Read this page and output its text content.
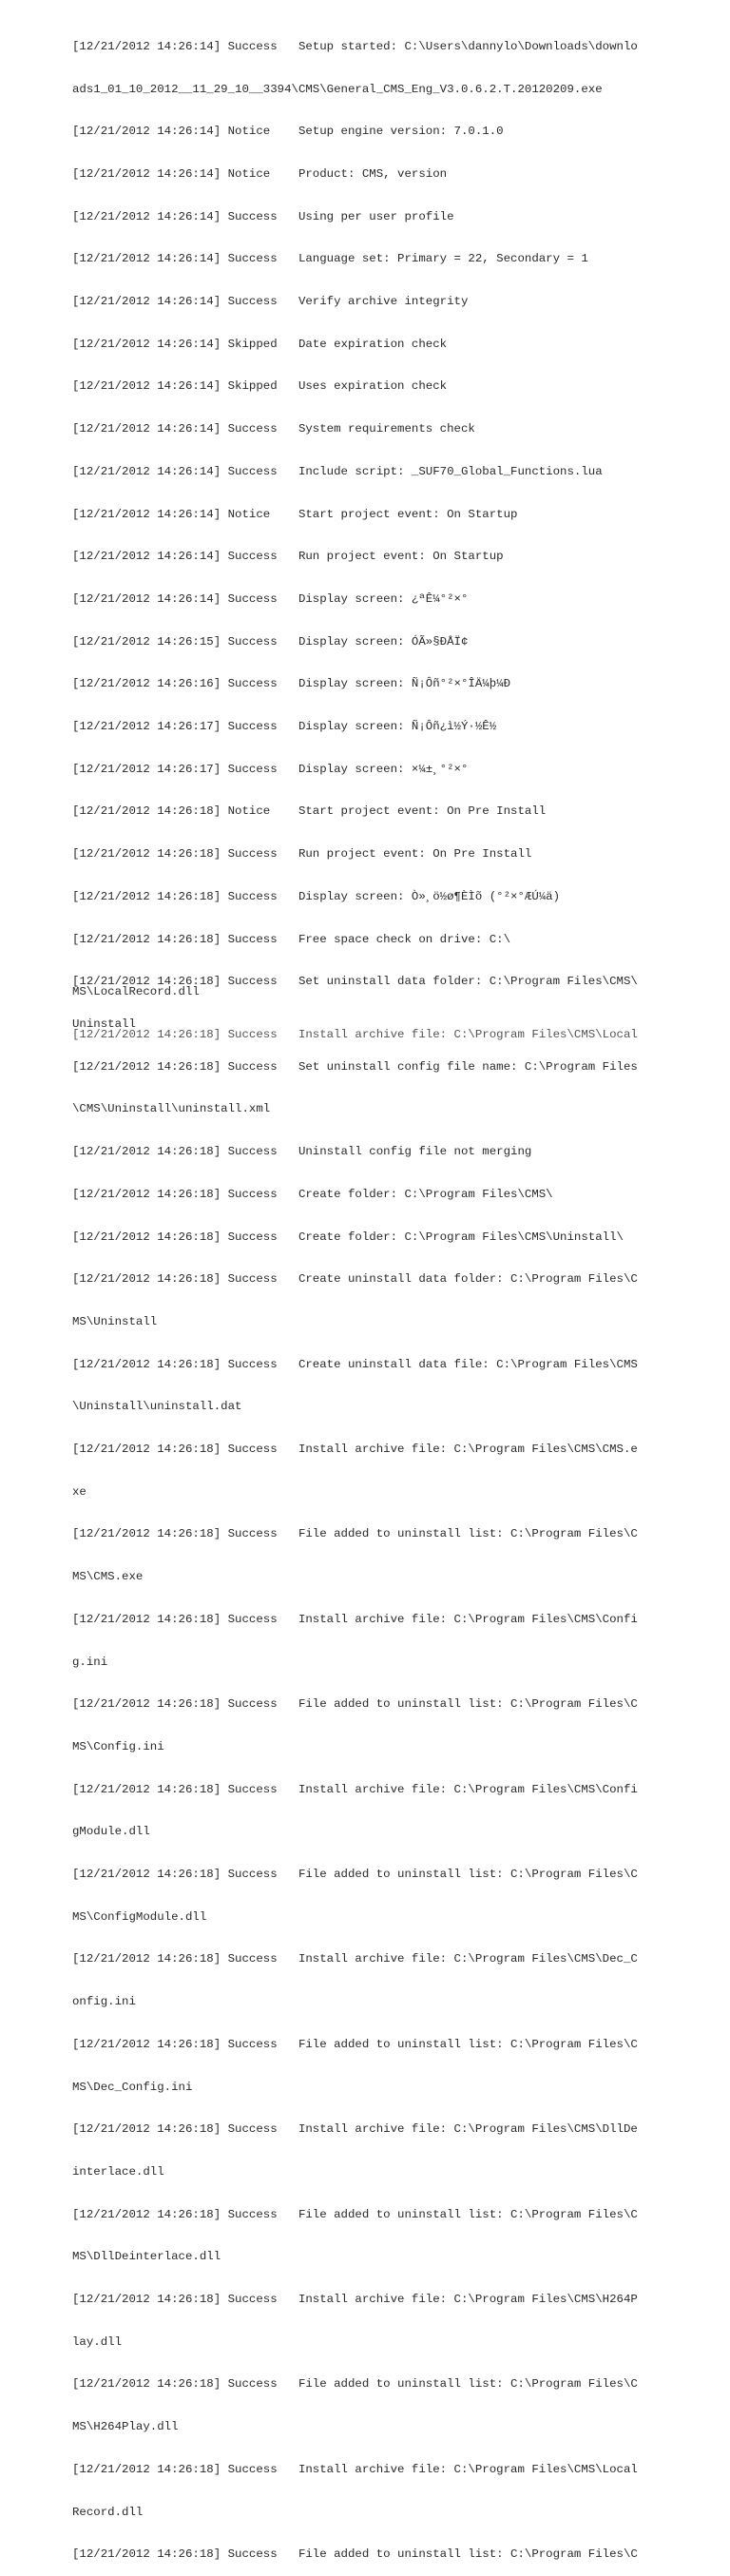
[12/21/2012 14:26:14] Success   Setup started: C:\Users\dannylo\Downloads\downlo

ads1_01_10_2012__11_29_10__3394\CMS\General_CMS_Eng_V3.0.6.2.T.20120209.exe

[12/21/2012 14:26:14] Notice    Setup engine version: 7.0.1.0

[12/21/2012 14:26:14] Notice    Product: CMS, version

[12/21/2012 14:26:14] Success   Using per user profile

[12/21/2012 14:26:14] Success   Language set: Primary = 22, Secondary = 1

[12/21/2012 14:26:14] Success   Verify archive integrity

[12/21/2012 14:26:14] Skipped   Date expiration check

[12/21/2012 14:26:14] Skipped   Uses expiration check

[12/21/2012 14:26:14] Success   System requirements check

[12/21/2012 14:26:14] Success   Include script: _SUF70_Global_Functions.lua

[12/21/2012 14:26:14] Notice    Start project event: On Startup

[12/21/2012 14:26:14] Success   Run project event: On Startup

[12/21/2012 14:26:14] Success   Display screen: ¿ªÊ¼°²×°

[12/21/2012 14:26:15] Success   Display screen: ÓÃ»§ÐÅÏ¢

[12/21/2012 14:26:16] Success   Display screen: Ñ¡Ôñ°²×°ÎÄ¼þ¼Ð

[12/21/2012 14:26:17] Success   Display screen: Ñ¡Ôñ¿ì½Ý·½Ê½

[12/21/2012 14:26:17] Success   Display screen: ×¼±¸°²×°

[12/21/2012 14:26:18] Notice    Start project event: On Pre Install

[12/21/2012 14:26:18] Success   Run project event: On Pre Install

[12/21/2012 14:26:18] Success   Display screen: Ò»¸ö½ø¶ÈÌõ (°²×°ÆÚ¼ä)

[12/21/2012 14:26:18] Success   Free space check on drive: C:\

[12/21/2012 14:26:18] Success   Set uninstall data folder: C:\Program Files\CMS\

Uninstall

[12/21/2012 14:26:18] Success   Set uninstall config file name: C:\Program Files

\CMS\Uninstall\uninstall.xml

[12/21/2012 14:26:18] Success   Uninstall config file not merging

[12/21/2012 14:26:18] Success   Create folder: C:\Program Files\CMS\

[12/21/2012 14:26:18] Success   Create folder: C:\Program Files\CMS\Uninstall\

[12/21/2012 14:26:18] Success   Create uninstall data folder: C:\Program Files\C

MS\Uninstall

[12/21/2012 14:26:18] Success   Create uninstall data file: C:\Program Files\CMS

\Uninstall\uninstall.dat

[12/21/2012 14:26:18] Success   Install archive file: C:\Program Files\CMS\CMS.e

xe

[12/21/2012 14:26:18] Success   File added to uninstall list: C:\Program Files\C

MS\CMS.exe

[12/21/2012 14:26:18] Success   Install archive file: C:\Program Files\CMS\Confi

g.ini

[12/21/2012 14:26:18] Success   File added to uninstall list: C:\Program Files\C

MS\Config.ini

[12/21/2012 14:26:18] Success   Install archive file: C:\Program Files\CMS\Confi

gModule.dll

[12/21/2012 14:26:18] Success   File added to uninstall list: C:\Program Files\C

MS\ConfigModule.dll

[12/21/2012 14:26:18] Success   Install archive file: C:\Program Files\CMS\Dec_C

onfig.ini

[12/21/2012 14:26:18] Success   File added to uninstall list: C:\Program Files\C

MS\Dec_Config.ini

[12/21/2012 14:26:18] Success   Install archive file: C:\Program Files\CMS\DllDe

interlace.dll

[12/21/2012 14:26:18] Success   File added to uninstall list: C:\Program Files\C

MS\DllDeinterlace.dll

[12/21/2012 14:26:18] Success   Install archive file: C:\Program Files\CMS\H264P

lay.dll

[12/21/2012 14:26:18] Success   File added to uninstall list: C:\Program Files\C

MS\H264Play.dll

[12/21/2012 14:26:18] Success   Install archive file: C:\Program Files\CMS\Local

Record.dll

[12/21/2012 14:26:18] Success   File added to uninstall list: C:\Program Files\C

MS\LocalRecord.dll

[12/21/2012 14:26:18] Success   Install archive file: C:\Program Files\CMS\Local
